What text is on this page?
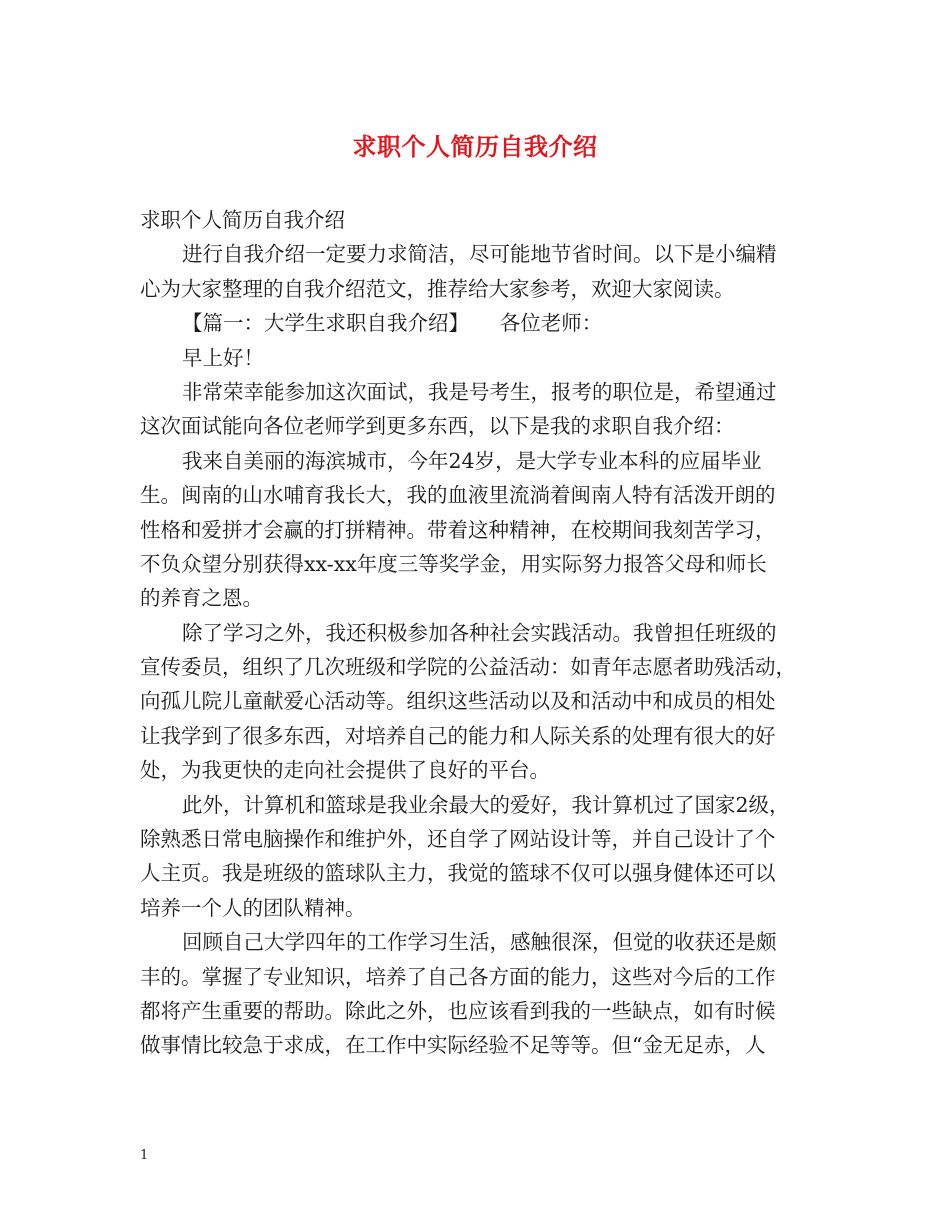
求职个人简历自我介绍
求职个人简历自我介绍
进行自我介绍一定要力求简洁，尽可能地节省时间。以下是小编精
心为大家整理的自我介绍范文，推荐给大家参考，欢迎大家阅读。
【篇一：大学生求职自我介绍】　　各位老师：
早上好！
非常荣幸能参加这次面试，我是号考生，报考的职位是，希望通过
这次面试能向各位老师学到更多东西，以下是我的求职自我介绍：
我来自美丽的海滨城市，今年24岁，是大学专业本科的应届毕业
生。闽南的山水哺育我长大，我的血液里流淌着闽南人特有活泼开朗的
性格和爱拼才会赢的打拼精神。带着这种精神，在校期间我刻苦学习，
不负众望分别获得xx-xx年度三等奖学金，用实际努力报答父母和师长
的养育之恩。
除了学习之外，我还积极参加各种社会实践活动。我曾担任班级的
宣传委员，组织了几次班级和学院的公益活动：如青年志愿者助残活动，
向孤儿院儿童献爱心活动等。组织这些活动以及和活动中和成员的相处
让我学到了很多东西，对培养自己的能力和人际关系的处理有很大的好
处，为我更快的走向社会提供了良好的平台。
此外，计算机和篮球是我业余最大的爱好，我计算机过了国家2级，
除熟悉日常电脑操作和维护外，还自学了网站设计等，并自己设计了个
人主页。我是班级的篮球队主力，我觉的篮球不仅可以强身健体还可以
培养一个人的团队精神。
回顾自己大学四年的工作学习生活，感触很深，但觉的收获还是颇
丰的。掌握了专业知识，培养了自己各方面的能力，这些对今后的工作
都将产生重要的帮助。除此之外，也应该看到我的一些缺点，如有时候
做事情比较急于求成，在工作中实际经验不足等等。但“金无足赤，人
1
